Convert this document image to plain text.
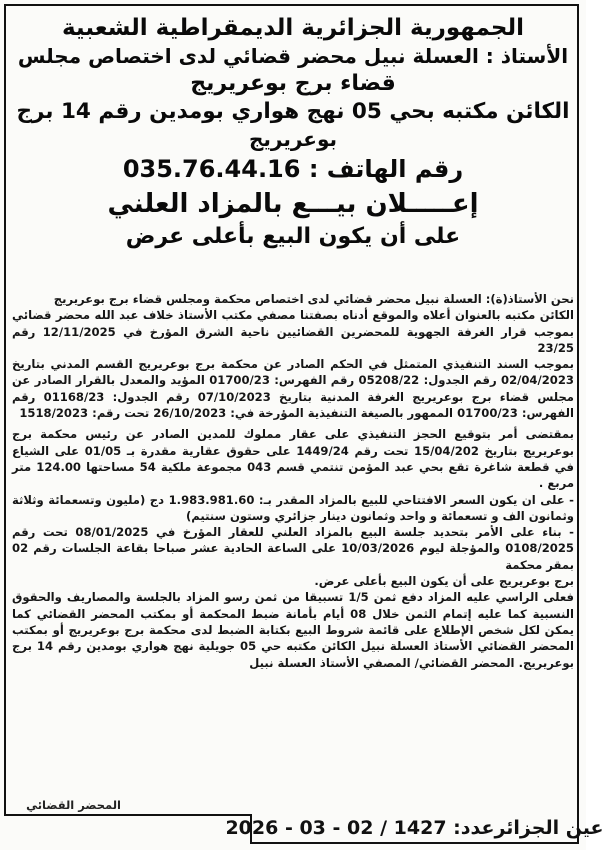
الجمهورية الجزائرية الديمقراطية الشعبية

الأستاذ : العسلة نبيل محضر قضائي لدى اختصاص مجلس

قضاء برج بوعريريج

الكائن مكتبه بحي 05 نهج هواري بومدين رقم 14 برج

بوعريريج

رقم الهاتف : 035.76.44.16

إعـــــلان بيـــع بالمزاد العلني

على أن يكون البيع بأعلى عرض

نحن الأستاذ(ة): العسلة نبيل محضر قضائي لدى اختصاص محكمة ومجلس قضاء برج بوعريريج

الكائن مكتبه بالعنوان أعلاه والموقع أدناه بصفتنا مصفي مكتب الأستاذ خلاف عبد الله محضر قضائي بموجب قرار الغرفة الجهوية للمحضرين القضائيين ناحية الشرق المؤرخ في 12/11/2025 رقم 23/25

بموجب السند التنفيذي المتمثل في الحكم الصادر عن محكمة برج بوعريريج القسم المدني بتاريخ 02/04/2023 رقم الجدول: 05208/22 رقم الفهرس: 01700/23 المؤيد والمعدل بالقرار الصادر عن مجلس قضاء برج بوعريريج الغرفة المدنية بتاريخ 07/10/2023 رقم الجدول: 01168/23 رقم الفهرس: 01700/23 الممهور بالصيغة التنفيذية المؤرخة في: 26/10/2023 تحت رقم: 1518/2023

بمقتضى أمر بتوقيع الحجز التنفيذي على عقار مملوك للمدين الصادر عن رئيس محكمة برج بوعريريج بتاريخ 15/04/202 تحت رقم 1449/24 على حقوق عقارية مقدرة بـ 01/05 على الشياع في قطعة شاغرة تقع بحي عبد المؤمن تنتمي قسم 043 مجموعة ملكية 54 مساحتها 124.00 متر مربع .

- على ان يكون السعر الافتتاحي للبيع بالمزاد المقدر بـ: 1.983.981.60 دج (مليون وتسعمائة وثلاثة وثمانون الف و تسعمائة و واحد وثمانون دينار جزائري وستون سنتيم)

- بناء على الأمر بتحديد جلسة البيع بالمزاد العلني للعقار المؤرخ في 08/01/2025 تحت رقم 0108/2025 والمؤجلة ليوم 10/03/2026 على الساعة الحادية عشر صباحا بقاعة الجلسات رقم 02 بمقر محكمة

برج بوعريريج على أن يكون البيع بأعلى عرض.

فعلى الراسي عليه المزاد دفع ثمن 1/5 تسبيقا من ثمن رسو المزاد بالجلسة والمصاريف والحقوق النسبية كما عليه إتمام الثمن خلال 08 أيام بأمانة ضبط المحكمة أو بمكتب المحضر القضائي كما يمكن لكل شخص الإطلاع على قائمة شروط البيع بكتابة الضبط لدى محكمة برج بوعريريج أو بمكتب المحضر القضائي الأستاذ العسلة نبيل الكائن مكتبه حي 05 جويلية نهج هواري بومدين رقم 14 برج بوعريريج. المحضر القضائي/ المصفي الأستاذ العسلة نبيل

المحضر القضائي
عين الجزائرعدد: 1427 / 02 - 03 - 2026
